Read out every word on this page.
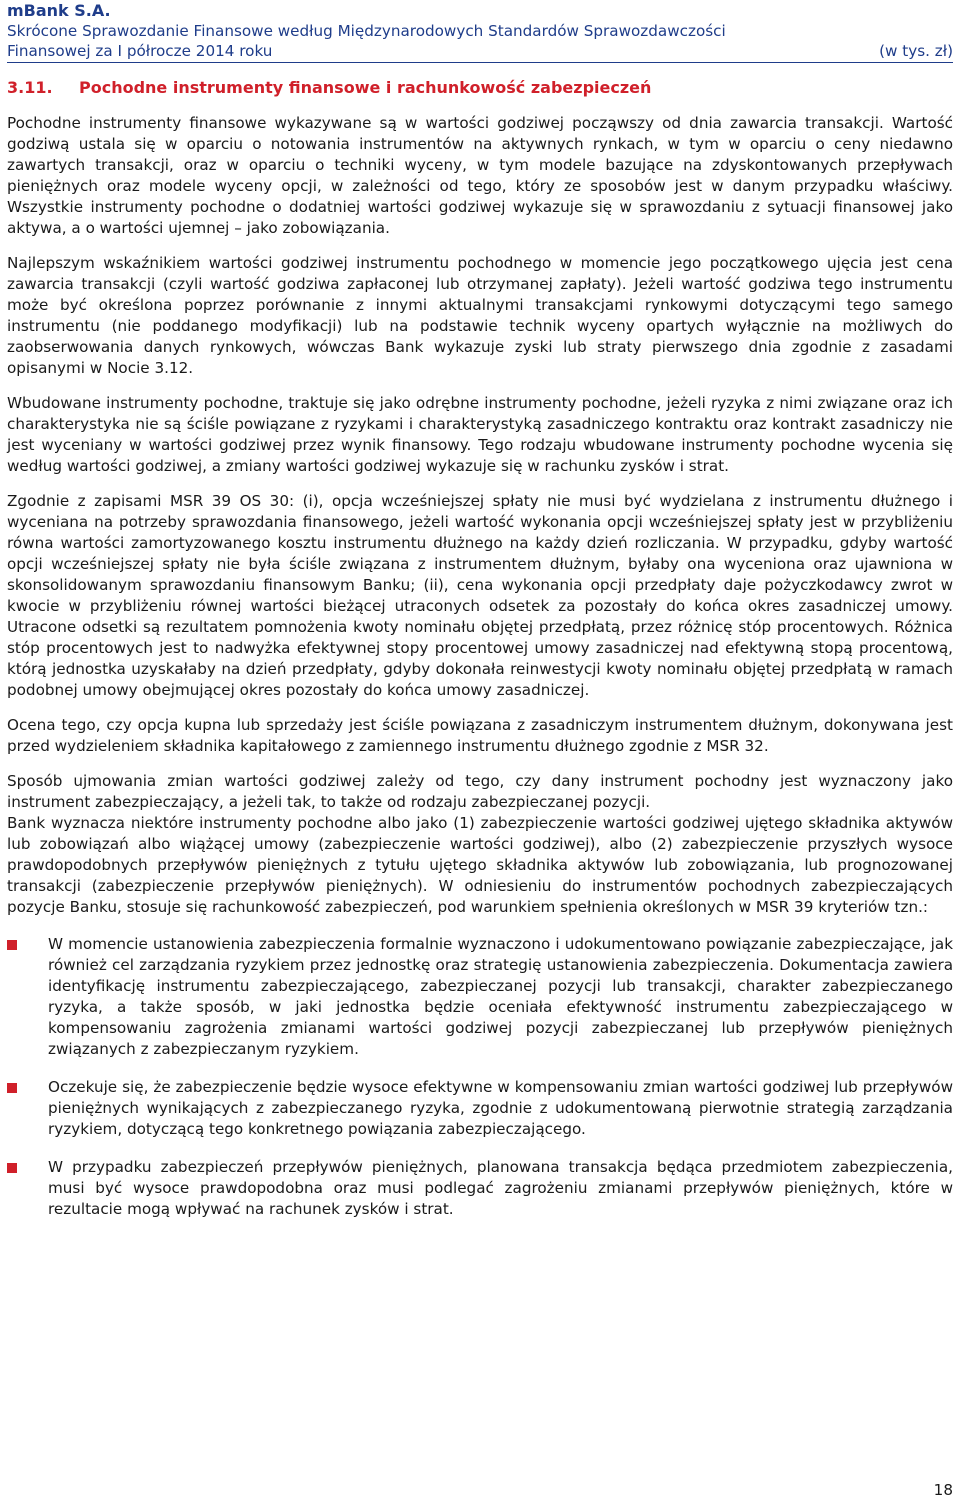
mBank S.A.
Skrócone Sprawozdanie Finansowe według Międzynarodowych Standardów Sprawozdawczości
Finansowej za I półrocze 2014 roku	(w tys. zł)
3.11.	Pochodne instrumenty finansowe i rachunkowość zabezpieczeń

Pochodne instrumenty finansowe wykazywane są w wartości godziwej począwszy od dnia zawarcia transakcji. Wartość godziwą ustala się w oparciu o notowania instrumentów na aktywnych rynkach, w tym w oparciu o ceny niedawno zawartych transakcji, oraz w oparciu o techniki wyceny, w tym modele bazujące na zdyskontowanych przepływach pieniężnych oraz modele wyceny opcji, w zależności od tego, który ze sposobów jest w danym przypadku właściwy. Wszystkie instrumenty pochodne o dodatniej wartości godziwej wykazuje się w sprawozdaniu z sytuacji finansowej jako aktywa, a o wartości ujemnej – jako zobowiązania.

Najlepszym wskaźnikiem wartości godziwej instrumentu pochodnego w momencie jego początkowego ujęcia jest cena zawarcia transakcji (czyli wartość godziwa zapłaconej lub otrzymanej zapłaty). Jeżeli wartość godziwa tego instrumentu może być określona poprzez porównanie z innymi aktualnymi transakcjami rynkowymi dotyczącymi tego samego instrumentu (nie poddanego modyfikacji) lub na podstawie technik wyceny opartych wyłącznie na możliwych do zaobserwowania danych rynkowych, wówczas Bank wykazuje zyski lub straty pierwszego dnia zgodnie z zasadami opisanymi w Nocie 3.12.

Wbudowane instrumenty pochodne, traktuje się jako odrębne instrumenty pochodne, jeżeli ryzyka z nimi związane oraz ich charakterystyka nie są ściśle powiązane z ryzykami i charakterystyką zasadniczego kontraktu oraz kontrakt zasadniczy nie jest wyceniany w wartości godziwej przez wynik finansowy. Tego rodzaju wbudowane instrumenty pochodne wycenia się według wartości godziwej, a zmiany wartości godziwej wykazuje się w rachunku zysków i strat.

Zgodnie z zapisami MSR 39 OS 30: (i), opcja wcześniejszej spłaty nie musi być wydzielana z instrumentu dłużnego i wyceniana na potrzeby sprawozdania finansowego, jeżeli wartość wykonania opcji wcześniejszej spłaty jest w przybliżeniu równa wartości zamortyzowanego kosztu instrumentu dłużnego na każdy dzień rozliczania. W przypadku, gdyby wartość opcji wcześniejszej spłaty nie była ściśle związana z instrumentem dłużnym, byłaby ona wyceniona oraz ujawniona w skonsolidowanym sprawozdaniu finansowym Banku; (ii), cena wykonania opcji przedpłaty daje pożyczkodawcy zwrot w kwocie w przybliżeniu równej wartości bieżącej utraconych odsetek za pozostały do końca okres zasadniczej umowy. Utracone odsetki są rezultatem pomnożenia kwoty nominału objętej przedpłatą, przez różnicę stóp procentowych. Różnica stóp procentowych jest to nadwyżka efektywnej stopy procentowej umowy zasadniczej nad efektywną stopą procentową, którą jednostka uzyskałaby na dzień przedpłaty, gdyby dokonała reinwestycji kwoty nominału objętej przedpłatą w ramach podobnej umowy obejmującej okres pozostały do końca umowy zasadniczej.

Ocena tego, czy opcja kupna lub sprzedaży jest ściśle powiązana z zasadniczym instrumentem dłużnym, dokonywana jest przed wydzieleniem składnika kapitałowego z zamiennego instrumentu dłużnego zgodnie z MSR 32.

Sposób ujmowania zmian wartości godziwej zależy od tego, czy dany instrument pochodny jest wyznaczony jako instrument zabezpieczający, a jeżeli tak, to także od rodzaju zabezpieczanej pozycji.

Bank wyznacza niektóre instrumenty pochodne albo jako (1) zabezpieczenie wartości godziwej ujętego składnika aktywów lub zobowiązań albo wiążącej umowy (zabezpieczenie wartości godziwej), albo (2) zabezpieczenie przyszłych wysoce prawdopodobnych przepływów pieniężnych z tytułu ujętego składnika aktywów lub zobowiązania, lub prognozowanej transakcji (zabezpieczenie przepływów pieniężnych). W odniesieniu do instrumentów pochodnych zabezpieczających pozycje Banku, stosuje się rachunkowość zabezpieczeń, pod warunkiem spełnienia określonych w MSR 39 kryteriów tzn.:

W momencie ustanowienia zabezpieczenia formalnie wyznaczono i udokumentowano powiązanie zabezpieczające, jak również cel zarządzania ryzykiem przez jednostkę oraz strategię ustanowienia zabezpieczenia. Dokumentacja zawiera identyfikację instrumentu zabezpieczającego, zabezpieczanej pozycji lub transakcji, charakter zabezpieczanego ryzyka, a także sposób, w jaki jednostka będzie oceniała efektywność instrumentu zabezpieczającego w kompensowaniu zagrożenia zmianami wartości godziwej pozycji zabezpieczanej lub przepływów pieniężnych związanych z zabezpieczanym ryzykiem.
Oczekuje się, że zabezpieczenie będzie wysoce efektywne w kompensowaniu zmian wartości godziwej lub przepływów pieniężnych wynikających z zabezpieczanego ryzyka, zgodnie z udokumentowaną pierwotnie strategią zarządzania ryzykiem, dotyczącą tego konkretnego powiązania zabezpieczającego.
W przypadku zabezpieczeń przepływów pieniężnych, planowana transakcja będąca przedmiotem zabezpieczenia, musi być wysoce prawdopodobna oraz musi podlegać zagrożeniu zmianami przepływów pieniężnych, które w rezultacie mogą wpływać na rachunek zysków i strat.
18
